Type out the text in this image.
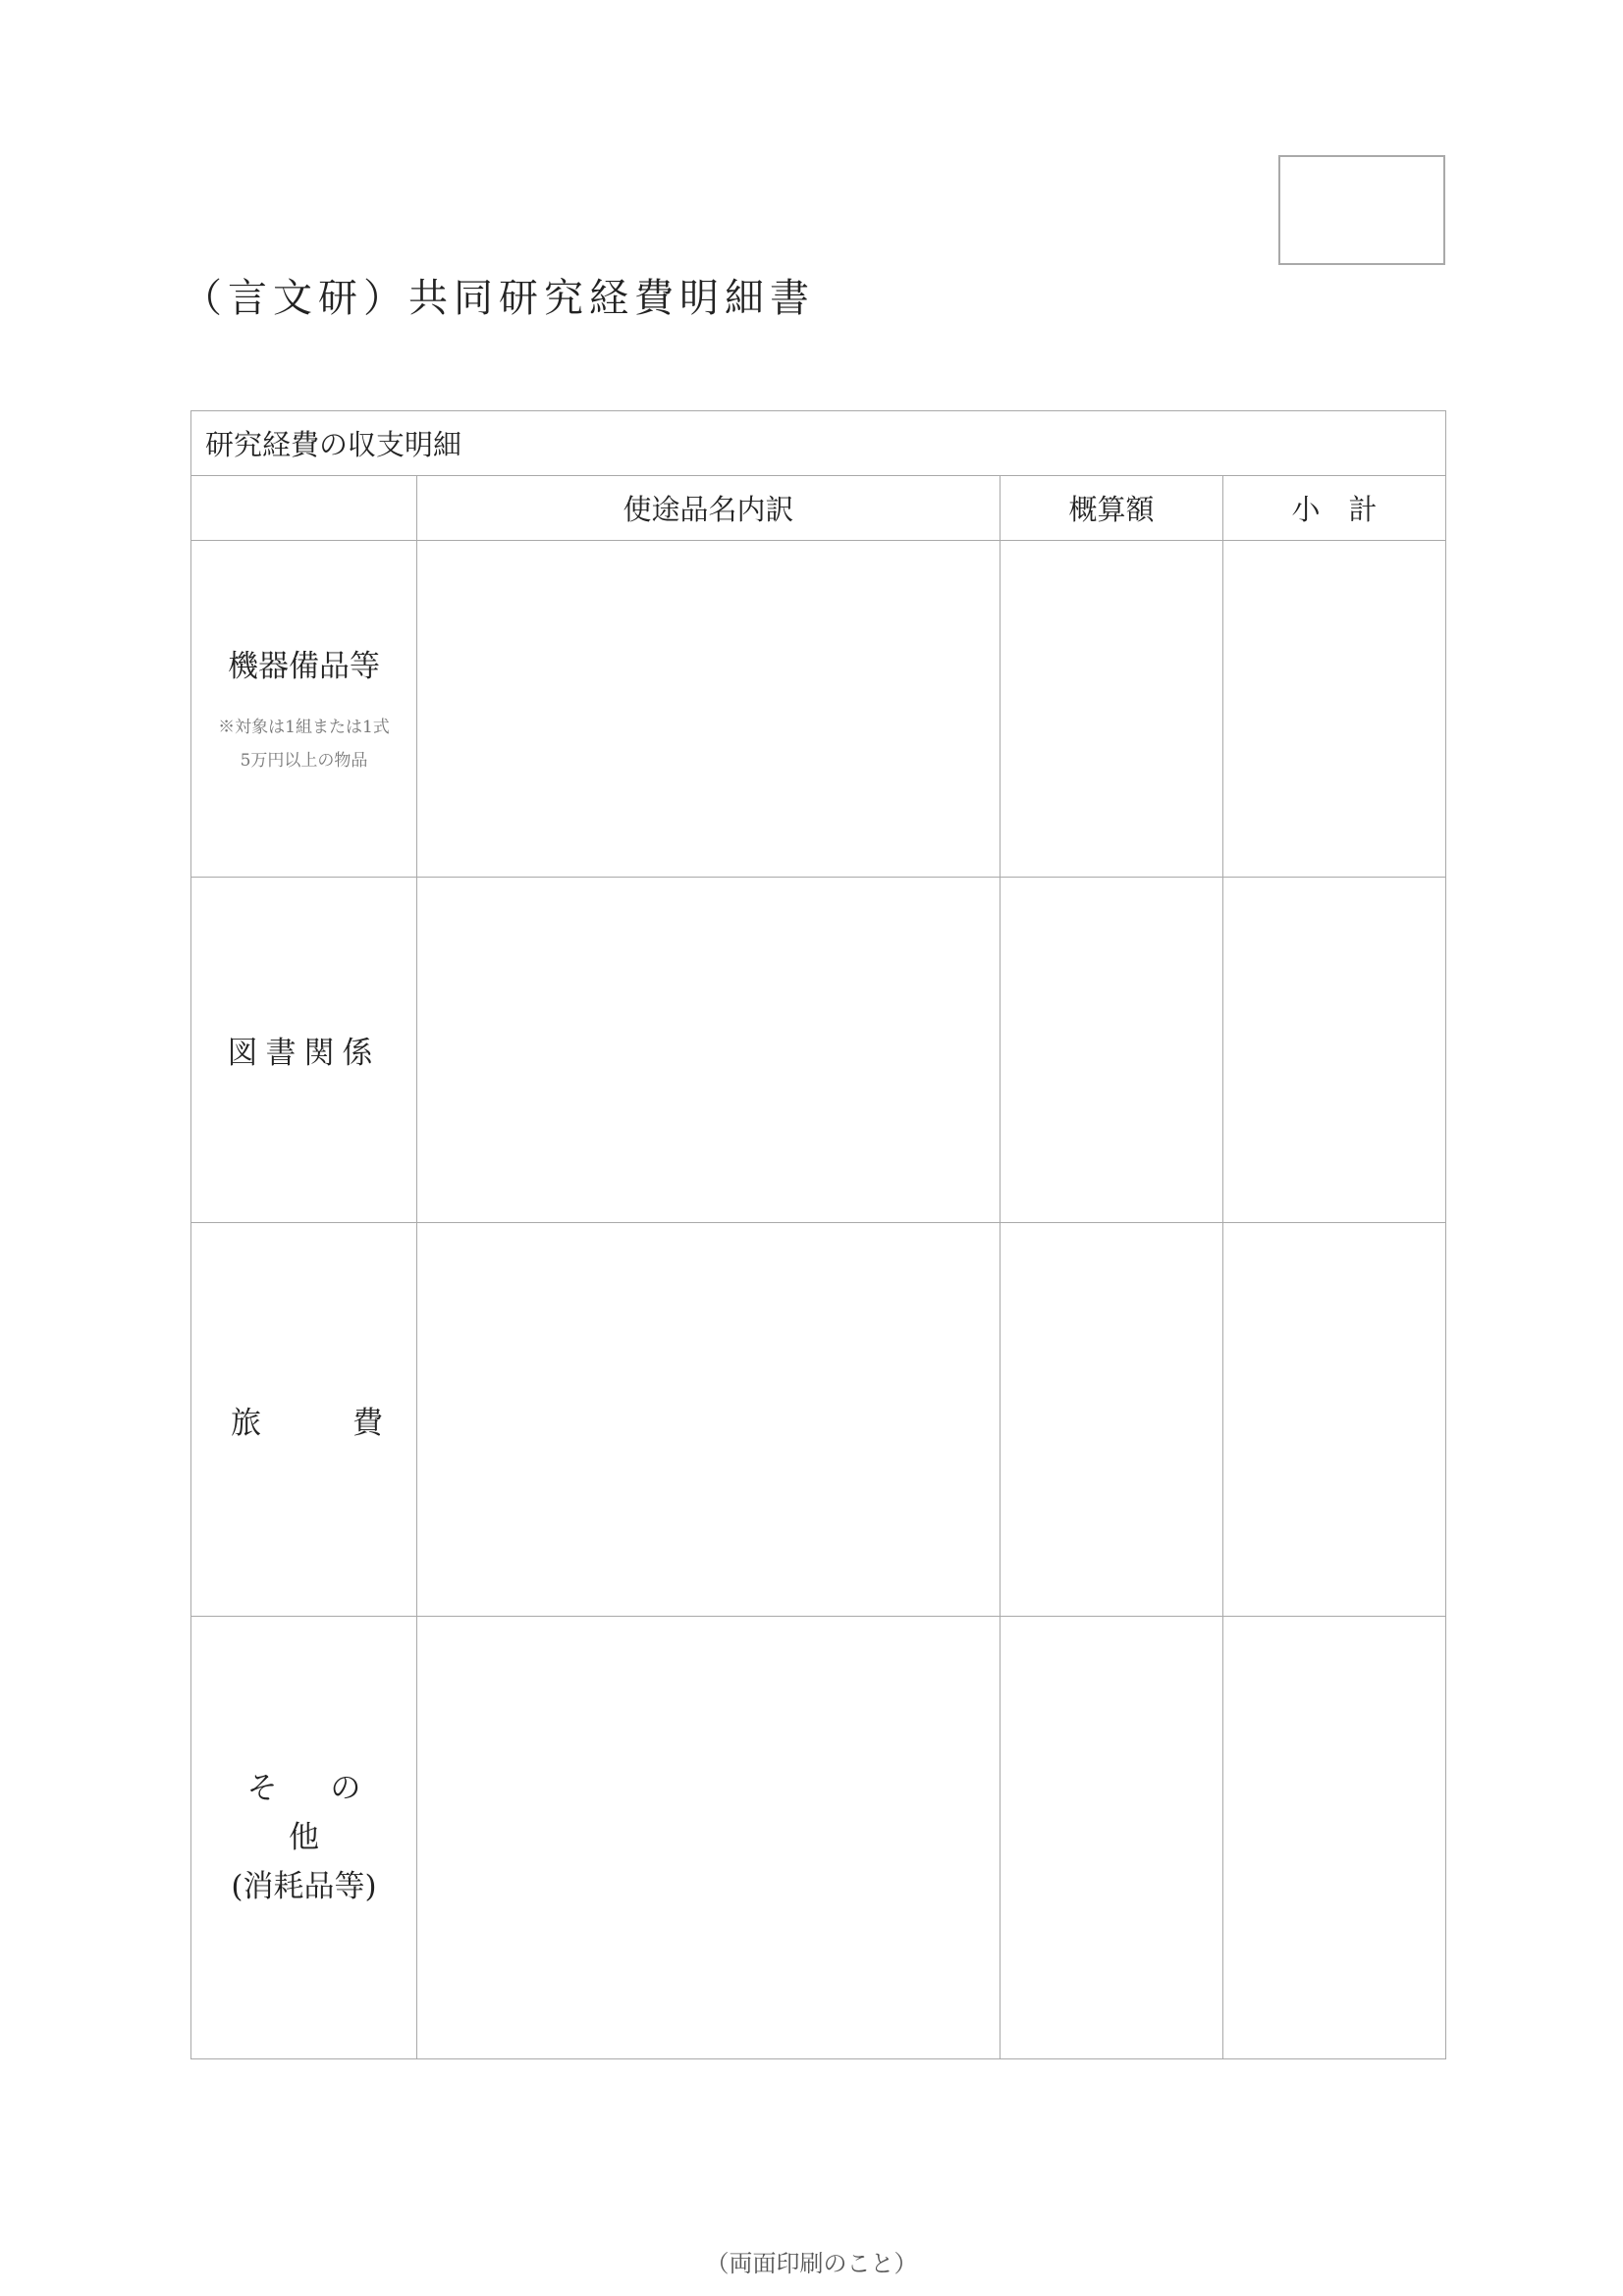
（言文研）共同研究経費明細書
研究経費の収支明細			
	使途品名内訳	概算額	小　計

機器備品等
※対象は1組または1式
5万円以上の物品			

図書関係			

旅 費			

そ の 他
(消耗品等)			

（両面印刷のこと）
